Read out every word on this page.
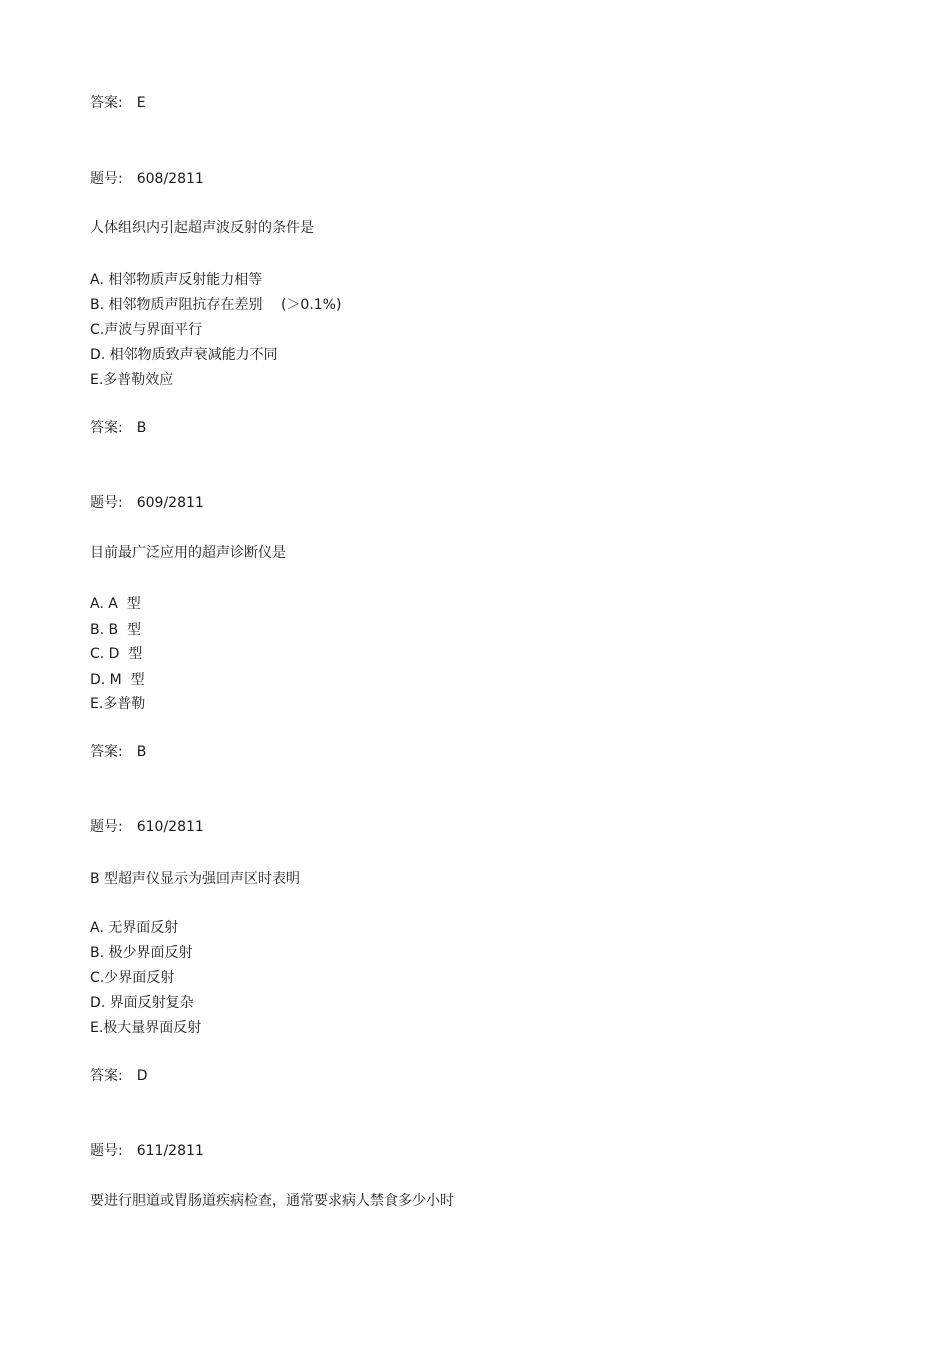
答案: E
题号: 608/2811
人体组织内引起超声波反射的条件是
A. 相邻物质声反射能力相等
B. 相邻物质声阻抗存在差别　 (＞0.1%)
C.声波与界面平行
D. 相邻物质致声衰减能力不同
E.多普勒效应
答案: B
题号: 609/2811
目前最广泛应用的超声诊断仪是
A. A  型
B. B  型
C. D  型
D. M  型
E.多普勒
答案: B
题号: 610/2811
B 型超声仪显示为强回声区时表明
A. 无界面反射
B. 极少界面反射
C.少界面反射
D. 界面反射复杂
E.极大量界面反射
答案: D
题号: 611/2811
要进行胆道或胃肠道疾病检查，通常要求病人禁食多少小时
